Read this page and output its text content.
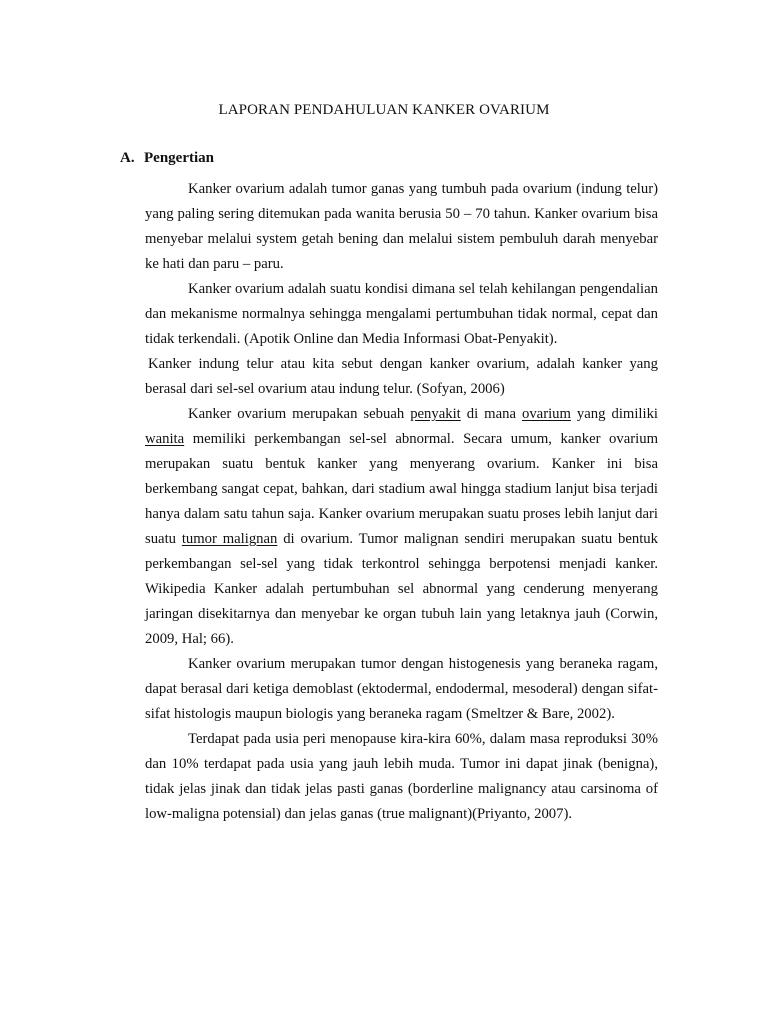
LAPORAN PENDAHULUAN KANKER OVARIUM
A. Pengertian

Kanker ovarium adalah tumor ganas yang tumbuh pada ovarium (indung telur) yang paling sering ditemukan pada wanita berusia 50 – 70 tahun. Kanker ovarium bisa menyebar melalui system getah bening dan melalui sistem pembuluh darah menyebar ke hati dan paru – paru.

Kanker ovarium adalah suatu kondisi dimana sel telah kehilangan pengendalian dan mekanisme normalnya sehingga mengalami pertumbuhan tidak normal, cepat dan tidak terkendali. (Apotik Online dan Media Informasi Obat-Penyakit).

Kanker indung telur atau kita sebut dengan kanker ovarium, adalah kanker yang berasal dari sel-sel ovarium atau indung telur. (Sofyan, 2006)

Kanker ovarium merupakan sebuah penyakit di mana ovarium yang dimiliki wanita memiliki perkembangan sel-sel abnormal. Secara umum, kanker ovarium merupakan suatu bentuk kanker yang menyerang ovarium. Kanker ini bisa berkembang sangat cepat, bahkan, dari stadium awal hingga stadium lanjut bisa terjadi hanya dalam satu tahun saja. Kanker ovarium merupakan suatu proses lebih lanjut dari suatu tumor malignan di ovarium. Tumor malignan sendiri merupakan suatu bentuk perkembangan sel-sel yang tidak terkontrol sehingga berpotensi menjadi kanker. Wikipedia Kanker adalah pertumbuhan sel abnormal yang cenderung menyerang jaringan disekitarnya dan menyebar ke organ tubuh lain yang letaknya jauh (Corwin, 2009, Hal; 66).

Kanker ovarium merupakan tumor dengan histogenesis yang beraneka ragam, dapat berasal dari ketiga demoblast (ektodermal, endodermal, mesoderal) dengan sifat-sifat histologis maupun biologis yang beraneka ragam (Smeltzer & Bare, 2002).

Terdapat pada usia peri menopause kira-kira 60%, dalam masa reproduksi 30% dan 10% terdapat pada usia yang jauh lebih muda. Tumor ini dapat jinak (benigna), tidak jelas jinak dan tidak jelas pasti ganas (borderline malignancy atau carsinoma of low-maligna potensial) dan jelas ganas (true malignant)(Priyanto, 2007).
